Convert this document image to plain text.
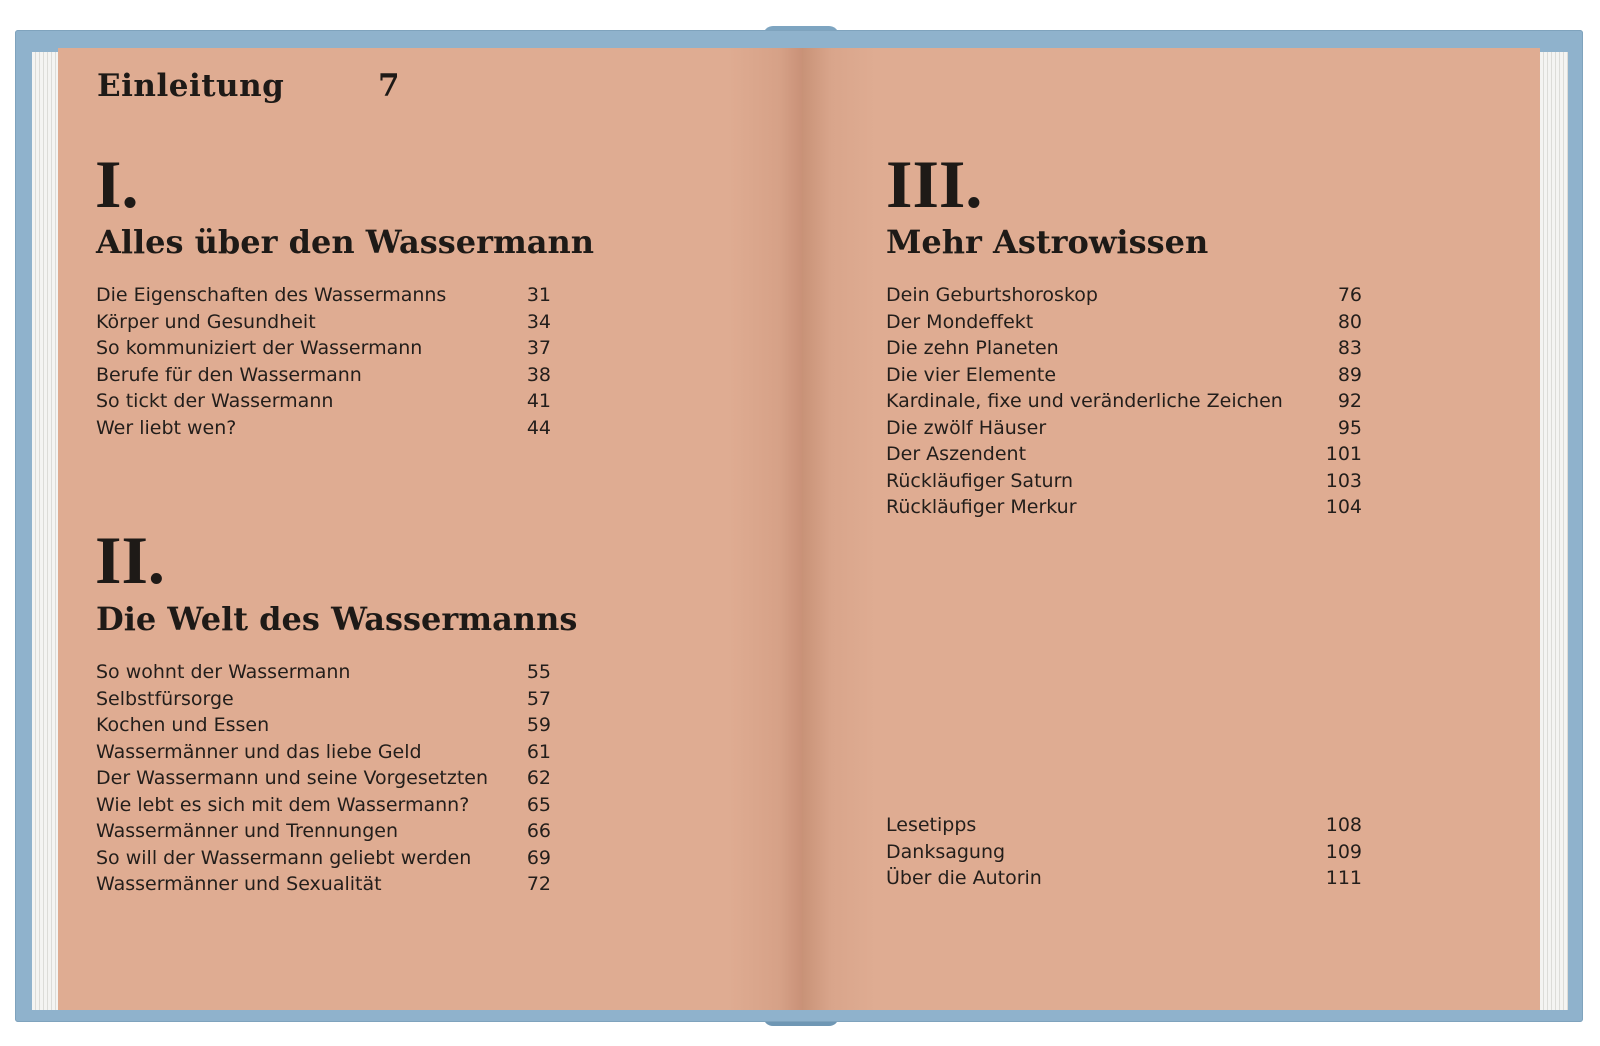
Einleitung	7
I.
Alles über den Wassermann
Die Eigenschaften des Wassermanns	31
Körper und Gesundheit	34
So kommuniziert der Wassermann	37
Berufe für den Wassermann	38
So tickt der Wassermann	41
Wer liebt wen?	44
II.
Die Welt des Wassermanns
So wohnt der Wassermann	55
Selbstfürsorge	57
Kochen und Essen	59
Wassermänner und das liebe Geld	61
Der Wassermann und seine Vorgesetzten 62
Wie lebt es sich mit dem Wassermann?	65
Wassermänner und Trennungen	66
So will der Wassermann geliebt werden	69
Wassermänner und Sexualität	72
III.
Mehr Astrowissen
Dein Geburtshoroskop	76
Der Mondeffekt	80
Die zehn Planeten	83
Die vier Elemente	89
Kardinale, fixe und veränderliche Zeichen	92
Die zwölf Häuser	95
Der Aszendent	101
Rückläufiger Saturn	103
Rückläufiger Merkur	104
Lesetipps	108
Danksagung	109
Über die Autorin	111
